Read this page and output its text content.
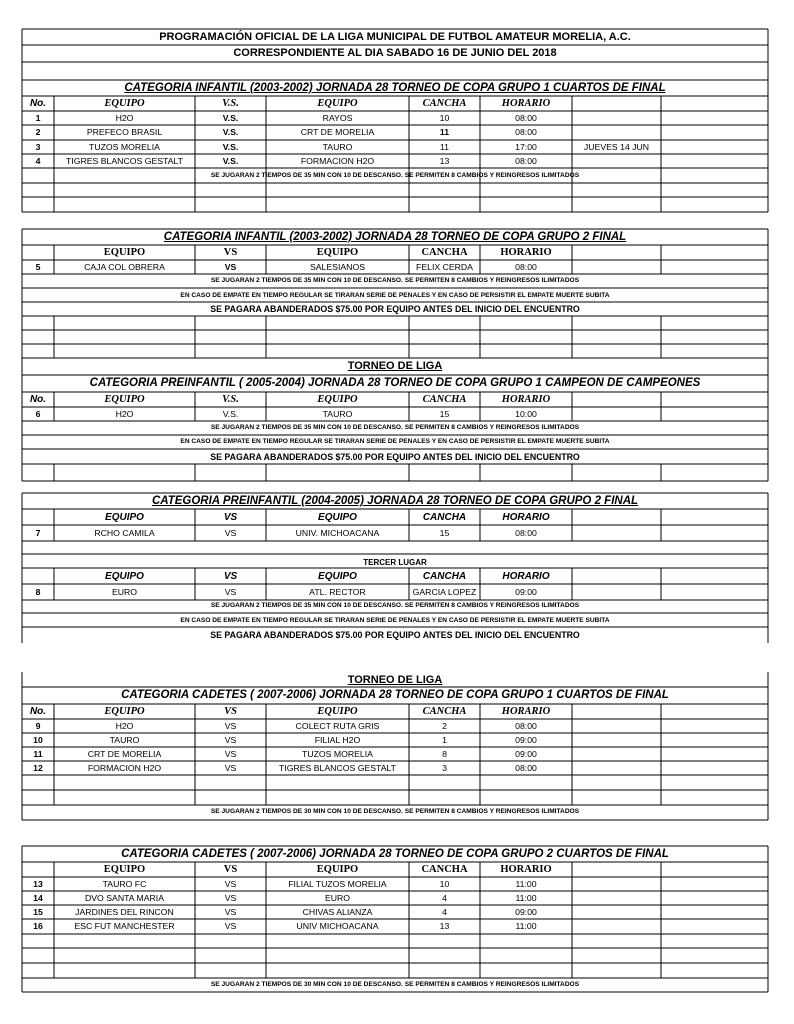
PROGRAMACIÓN OFICIAL DE LA LIGA MUNICIPAL DE FUTBOL AMATEUR MORELIA, A.C.
CORRESPONDIENTE AL DIA SABADO 16 DE JUNIO DEL 2018
CATEGORIA INFANTIL (2003-2002) JORNADA 28 TORNEO DE COPA GRUPO 1 CUARTOS DE FINAL
No.	EQUIPO	V.S.	EQUIPO	CANCHA	HORARIO
1	H2O	V.S.	RAYOS	10	08:00
2	PREFECO BRASIL	V.S.	CRT DE MORELIA	11	08:00
3	TUZOS MORELIA	V.S.	TAURO	11	17:00	JUEVES 14 JUN
4	TIGRES BLANCOS GESTALT	V.S.	FORMACION H2O	13	08:00
SE JUGARAN 2 TIEMPOS DE 35 MIN CON 10 DE DESCANSO. SE PERMITEN 8 CAMBIOS Y REINGRESOS ILIMITADOS
CATEGORIA INFANTIL (2003-2002) JORNADA 28 TORNEO DE COPA GRUPO 2 FINAL
EQUIPO	VS	EQUIPO	CANCHA	HORARIO
5	CAJA COL OBRERA	VS	SALESIANOS	FELIX CERDA	08:00
SE JUGARAN 2 TIEMPOS DE 35 MIN CON 10 DE DESCANSO. SE PERMITEN 8 CAMBIOS Y REINGRESOS ILIMITADOS
EN CASO DE EMPATE EN TIEMPO REGULAR SE TIRARAN SERIE DE PENALES Y EN CASO DE PERSISTIR EL EMPATE MUERTE SUBITA
SE PAGARA ABANDERADOS $75.00 POR EQUIPO ANTES DEL INICIO DEL ENCUENTRO
TORNEO DE LIGA
CATEGORIA PREINFANTIL ( 2005-2004) JORNADA 28 TORNEO DE COPA GRUPO 1 CAMPEON DE CAMPEONES
No.	EQUIPO	V.S.	EQUIPO	CANCHA	HORARIO
6	H2O	V.S.	TAURO	15	10:00
SE JUGARAN 2 TIEMPOS DE 35 MIN CON 10 DE DESCANSO. SE PERMITEN 8 CAMBIOS Y REINGRESOS ILIMITADOS
EN CASO DE EMPATE EN TIEMPO REGULAR SE TIRARAN SERIE DE PENALES Y EN CASO DE PERSISTIR EL EMPATE MUERTE SUBITA
SE PAGARA ABANDERADOS $75.00 POR EQUIPO ANTES DEL INICIO DEL ENCUENTRO
CATEGORIA PREINFANTIL (2004-2005) JORNADA 28 TORNEO DE COPA GRUPO 2 FINAL
EQUIPO	VS	EQUIPO	CANCHA	HORARIO
7	RCHO CAMILA	VS	UNIV. MICHOACANA	15	08:00
TERCER LUGAR
EQUIPO	VS	EQUIPO	CANCHA	HORARIO
8	EURO	VS	ATL. RECTOR	GARCIA LOPEZ	09:00
SE JUGARAN 2 TIEMPOS DE 35 MIN CON 10 DE DESCANSO. SE PERMITEN 8 CAMBIOS Y REINGRESOS ILIMITADOS
EN CASO DE EMPATE EN TIEMPO REGULAR SE TIRARAN SERIE DE PENALES Y EN CASO DE PERSISTIR EL EMPATE MUERTE SUBITA
SE PAGARA ABANDERADOS $75.00 POR EQUIPO ANTES DEL INICIO DEL ENCUENTRO
TORNEO DE LIGA
CATEGORIA CADETES ( 2007-2006) JORNADA 28 TORNEO DE COPA GRUPO 1 CUARTOS DE FINAL
No.	EQUIPO	VS	EQUIPO	CANCHA	HORARIO
9	H2O	VS	COLECT RUTA GRIS	2	08:00
10	TAURO	VS	FILIAL H2O	1	09:00
11	CRT DE MORELIA	VS	TUZOS MORELIA	8	09:00
12	FORMACION H2O	VS	TIGRES BLANCOS GESTALT	3	08:00
SE JUGARAN 2 TIEMPOS DE 30 MIN CON 10 DE DESCANSO. SE PERMITEN 8 CAMBIOS Y REINGRESOS ILIMITADOS
CATEGORIA CADETES ( 2007-2006) JORNADA 28 TORNEO DE COPA GRUPO 2 CUARTOS DE FINAL
EQUIPO	VS	EQUIPO	CANCHA	HORARIO
13	TAURO FC	VS	FILIAL TUZOS MORELIA	10	11:00
14	DVO SANTA MARIA	VS	EURO	4	11:00
15	JARDINES DEL RINCON	VS	CHIVAS ALIANZA	4	09:00
16	ESC FUT MANCHESTER	VS	UNIV MICHOACANA	13	11:00
SE JUGARAN 2 TIEMPOS DE 30 MIN CON 10 DE DESCANSO. SE PERMITEN 8 CAMBIOS Y REINGRESOS ILIMITADOS
